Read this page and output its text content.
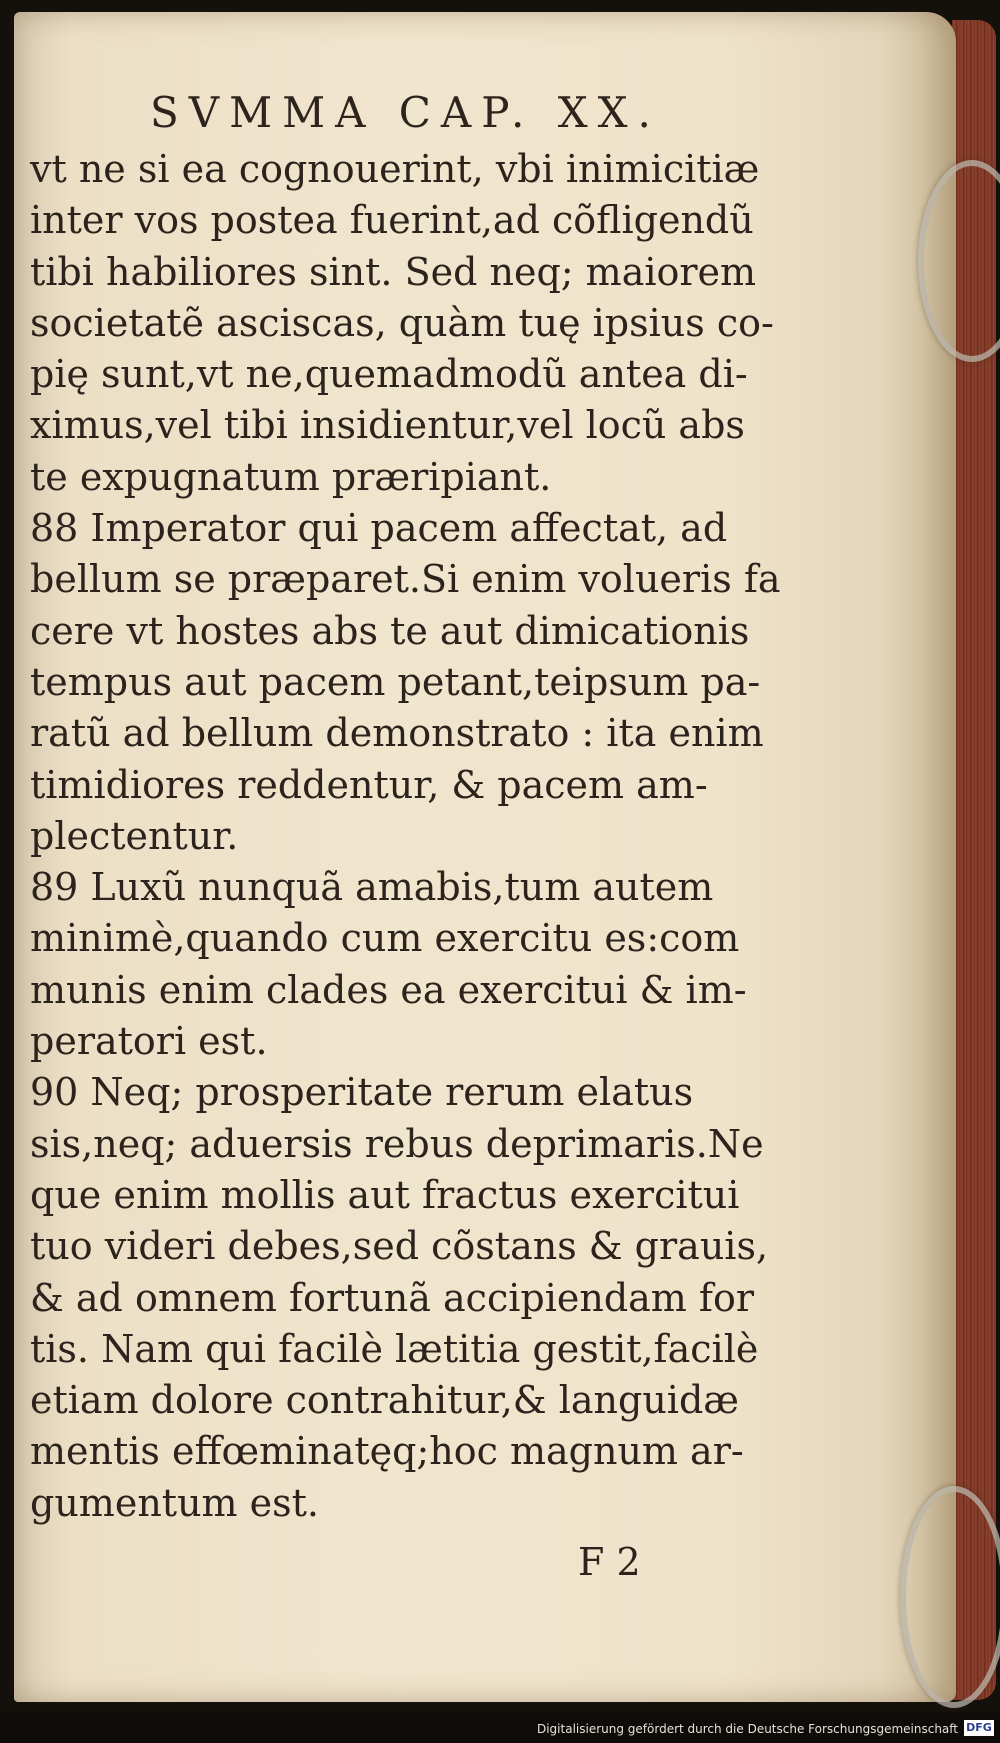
SVMMA CAP. XX.
vt ne si ea cognouerint, vbi inimicitiæ
inter vos postea fuerint,ad cõfligendũ
tibi habiliores sint. Sed neq; maiorem
societatẽ asciscas, quàm tuę ipsius co-
pię sunt,vt ne,quemadmodũ antea di-
ximus,vel tibi insidientur,vel locũ abs
te expugnatum præripiant.
88 Imperator qui pacem affectat, ad
bellum se præparet.Si enim volueris fa
cere vt hostes abs te aut dimicationis
tempus aut pacem petant,teipsum pa-
ratũ ad bellum demonstrato : ita enim
timidiores reddentur, & pacem am-
plectentur.
89 Luxũ nunquã amabis,tum autem
minimè,quando cum exercitu es:com
munis enim clades ea exercitui & im-
peratori est.
90 Neq; prosperitate rerum elatus
sis,neq; aduersis rebus deprimaris.Ne
que enim mollis aut fractus exercitui
tuo videri debes,sed cõstans & grauis,
& ad omnem fortunã accipiendam for
tis. Nam qui facilè lætitia gestit,facilè
etiam dolore contrahitur,& languidæ
mentis effœminatęq;hoc magnum ar-
gumentum est.
F 2
Digitalisierung gefördert durch die Deutsche Forschungsgemeinschaft DFG
